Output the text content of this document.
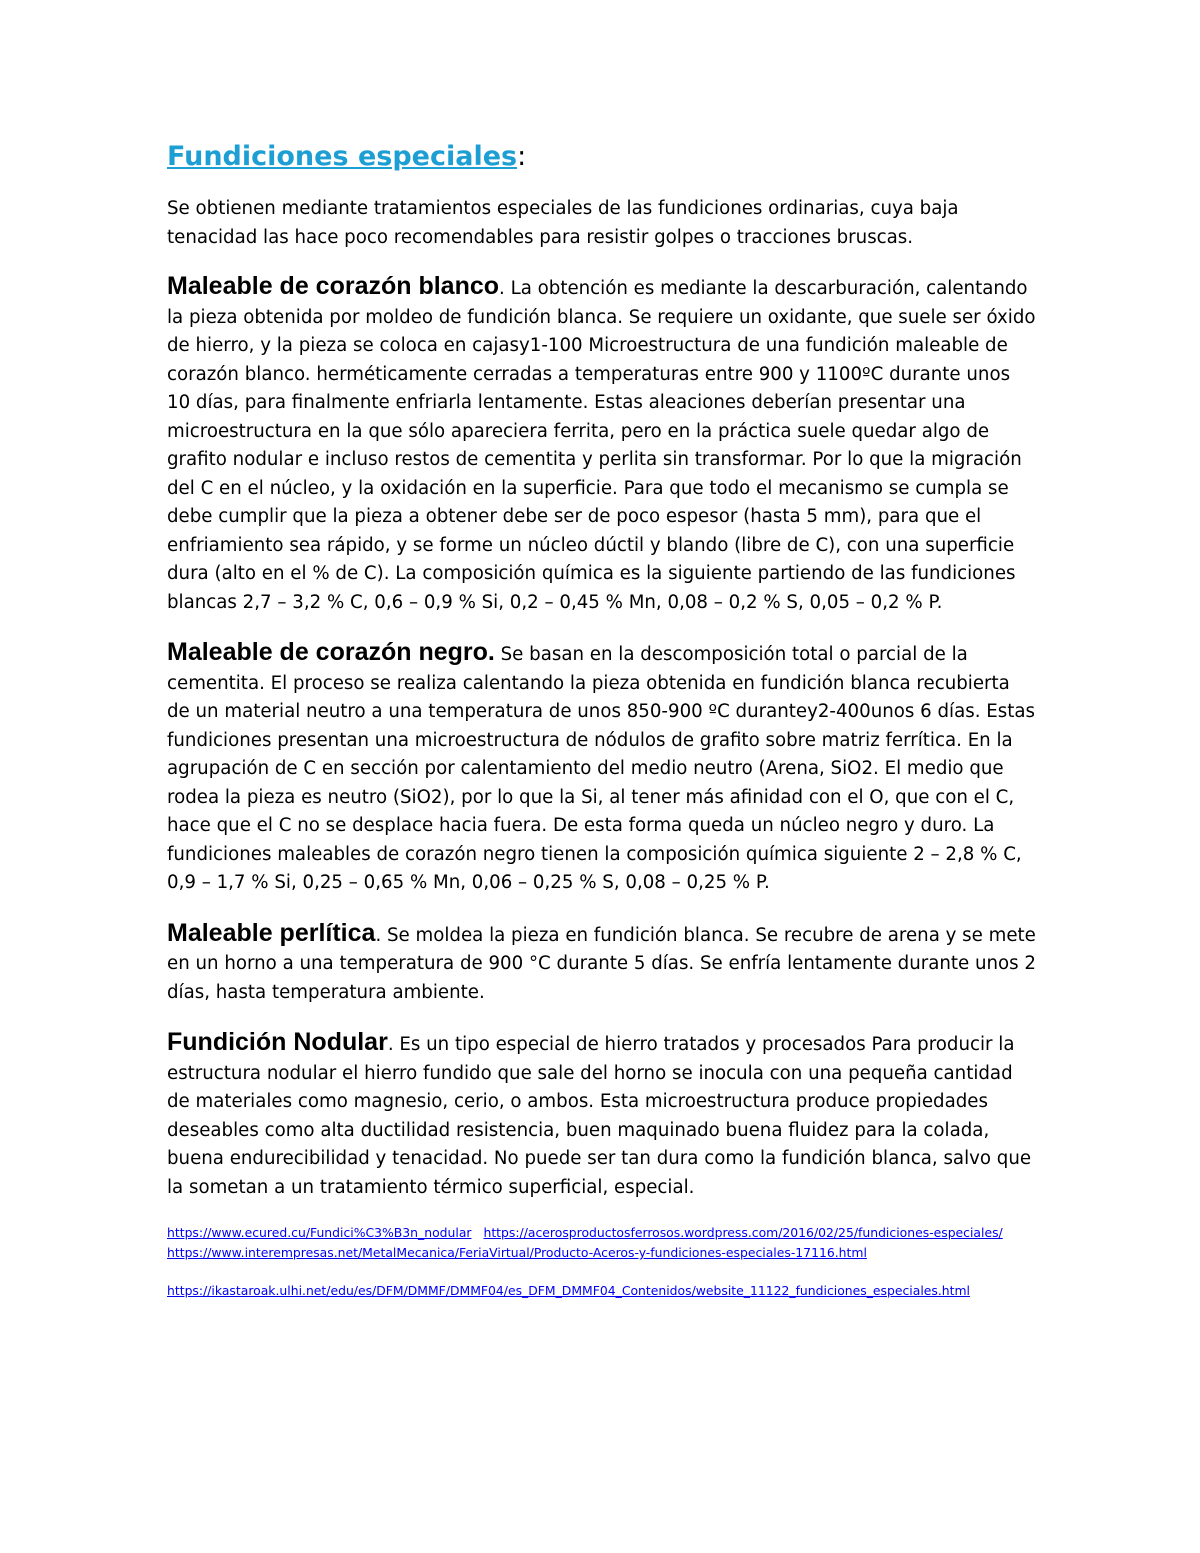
Fundiciones especiales:

Se obtienen mediante tratamientos especiales de las fundiciones ordinarias, cuya baja tenacidad las hace poco recomendables para resistir golpes o tracciones bruscas.

Maleable de corazón blanco. La obtención es mediante la descarburación, calentando la pieza obtenida por moldeo de fundición blanca. Se requiere un oxidante, que suele ser óxido de hierro, y la pieza se coloca en cajasy1-100 Microestructura de una fundición maleable de corazón blanco. herméticamente cerradas a temperaturas entre 900 y 1100ºC durante unos 10 días, para finalmente enfriarla lentamente. Estas aleaciones deberían presentar una microestructura en la que sólo apareciera ferrita, pero en la práctica suele quedar algo de grafito nodular e incluso restos de cementita y perlita sin transformar. Por lo que la migración del C en el núcleo, y la oxidación en la superficie. Para que todo el mecanismo se cumpla se debe cumplir que la pieza a obtener debe ser de poco espesor (hasta 5 mm), para que el enfriamiento sea rápido, y se forme un núcleo dúctil y blando (libre de C), con una superficie dura (alto en el % de C). La composición química es la siguiente partiendo de las fundiciones blancas 2,7 – 3,2 % C, 0,6 – 0,9 % Si, 0,2 – 0,45 % Mn, 0,08 – 0,2 % S, 0,05 – 0,2 % P.

Maleable de corazón negro. Se basan en la descomposición total o parcial de la cementita. El proceso se realiza calentando la pieza obtenida en fundición blanca recubierta de un material neutro a una temperatura de unos 850-900 ºC durantey2-400unos 6 días. Estas fundiciones presentan una microestructura de nódulos de grafito sobre matriz ferrítica. En la agrupación de C en sección por calentamiento del medio neutro (Arena, SiO2. El medio que rodea la pieza es neutro (SiO2), por lo que la Si, al tener más afinidad con el O, que con el C, hace que el C no se desplace hacia fuera. De esta forma queda un núcleo negro y duro. La fundiciones maleables de corazón negro tienen la composición química siguiente 2 – 2,8 % C, 0,9 – 1,7 % Si, 0,25 – 0,65 % Mn, 0,06 – 0,25 % S, 0,08 – 0,25 % P.

Maleable perlítica. Se moldea la pieza en fundición blanca. Se recubre de arena y se mete en un horno a una temperatura de 900 °C durante 5 días. Se enfría lentamente durante unos 2 días, hasta temperatura ambiente.

Fundición Nodular. Es un tipo especial de hierro tratados y procesados Para producir la estructura nodular el hierro fundido que sale del horno se inocula con una pequeña cantidad de materiales como magnesio, cerio, o ambos. Esta microestructura produce propiedades deseables como alta ductilidad resistencia, buen maquinado buena fluidez para la colada, buena endurecibilidad y tenacidad. No puede ser tan dura como la fundición blanca, salvo que la sometan a un tratamiento térmico superficial, especial.

https://www.ecured.cu/Fundici%C3%B3n_nodular https://acerosproductosferrosos.wordpress.com/2016/02/25/fundiciones-especiales/ https://www.interempresas.net/MetalMecanica/FeriaVirtual/Producto-Aceros-y-fundiciones-especiales-17116.html

https://ikastaroak.ulhi.net/edu/es/DFM/DMMF/DMMF04/es_DFM_DMMF04_Contenidos/website_11122_fundiciones_especiales.html
